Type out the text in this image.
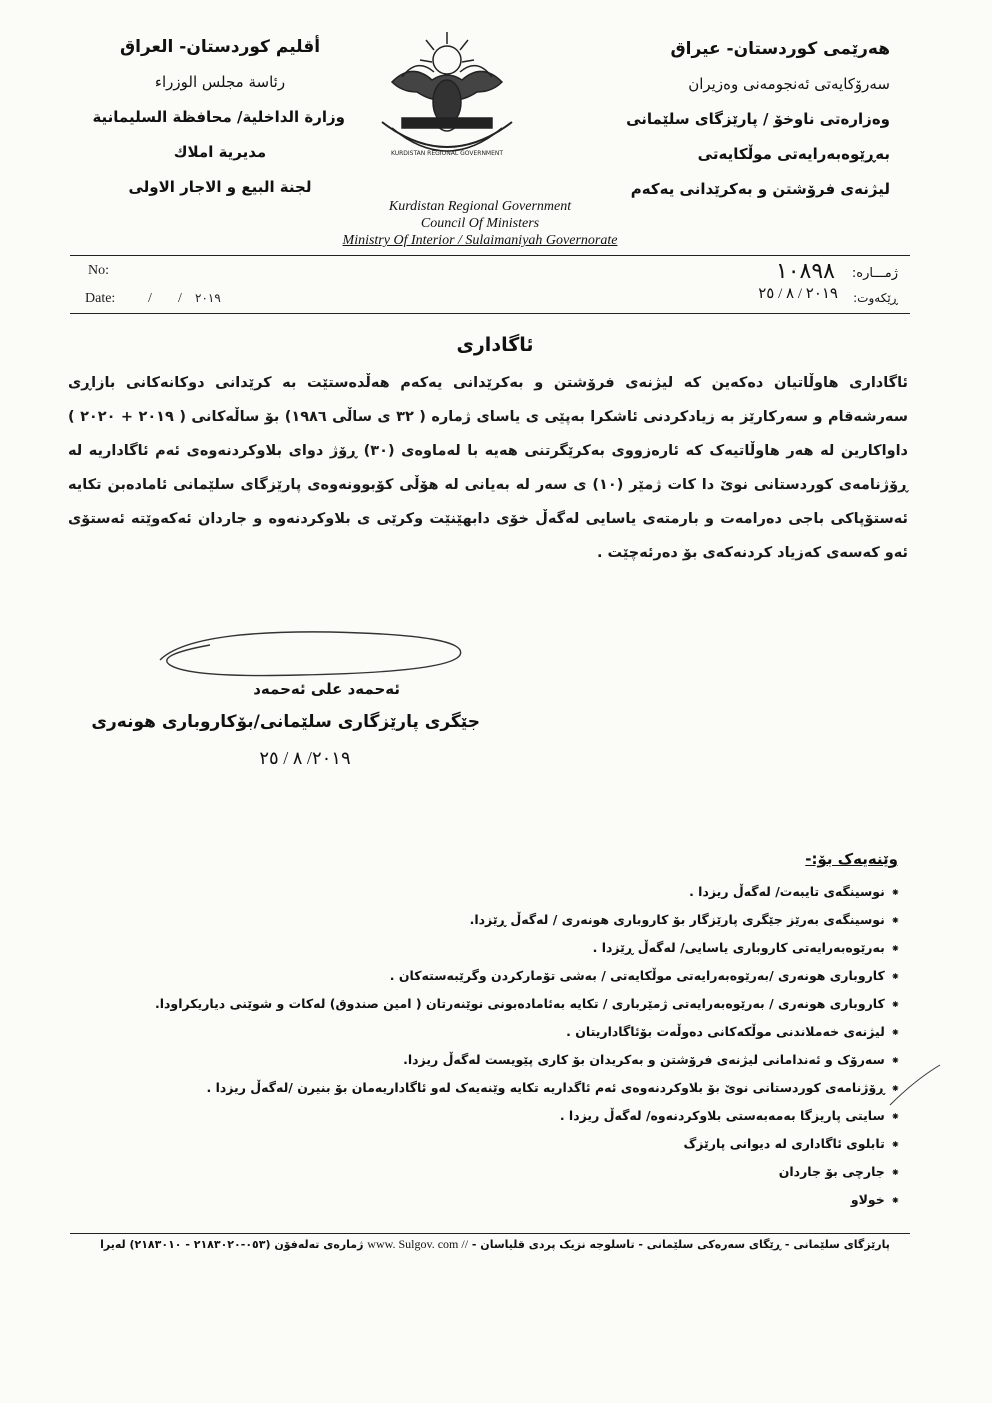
أقليم كوردستان- العراق
رئاسة مجلس الوزراء
وزارة الداخلية/ محافظة السليمانية
مديرية املاك
لجنة البيع و الاجار الاولى
KURDISTAN REGIONAL GOVERNMENT
هەرێمی کوردستان- عیراق
سەرۆکایەتی ئەنجومەنی وەزیران
وەزارەتی ناوخۆ / پارێزگای سلێمانی
بەڕێوەبەرایەتی موڵکایەتی
لیژنەی فرۆشتن و بەکرێدانی یەکەم
Kurdistan Regional Government
Council Of Ministers
Ministry Of Interior / Sulaimaniyah Governorate
No:
Date: / / ٢٠١٩
ژمـــارە:
١٠٨٩٨
ڕێکەوت:
٢٠١٩ / ٨ / ٢٥
ئاگاداری
ئاگاداری هاوڵاتیان دەکەین کە لیژنەی فرۆشتن و بەکرێدانی یەکەم هەڵدەستێت بە کرێدانی دوکانەکانی بازاڕی سەرشەقام و سەرکارێز بە زیادکردنی ئاشکرا بەپێی ی یاسای ژمارە ( ٣٢ ی ساڵی ١٩٨٦) بۆ ساڵەکانی ( ٢٠١٩ + ٢٠٢٠ ) داواکارین لە هەر هاوڵاتیەک کە ئارەزووی بەکرێگرتنی هەیە با لەماوەی (٣٠) ڕۆژ دوای بلاوکردنەوەی ئەم ئاگاداریە لە ڕۆژنامەی کوردستانی نوێ دا کات ژمێر (١٠) ی سەر لە بەیانی لە هۆڵی کۆبوونەوەی پارێزگای سلێمانی ئامادەبن تکایە ئەستۆپاکی باجی دەرامەت و بارمتەی یاسایی لەگەڵ خۆی دابهێنێت وکرێی ی بلاوکردنەوە و جاردان ئەکەوێتە ئەستۆی ئەو کەسەی کەزیاد کردنەکەی بۆ دەرئەچێت .
ئەحمەد علی ئەحمەد
جێگری پارێزگاری سلێمانی/بۆکاروباری هونەری
٢٠١٩/ ٨ / ٢٥
وێنەیەک بۆ:-
⁕نوسینگەی تایبەت/ لەگەڵ ریزدا .
⁕نوسینگەی بەرێز جێگری پارێزگار بۆ کاروباری هونەری / لەگەڵ ڕێزدا.
⁕بەرێوەبەرایەتی کاروباری یاسایی/ لەگەڵ ڕێزدا .
⁕کاروباری هونەری /بەرێوەبەرایەتی موڵکایەتی / بەشی تۆمارکردن وگرێبەستەکان .
⁕کاروباری هونەری / بەرێوەبەرایەتی ژمێرباری / تکایە بەئامادەبونی نوێنەرتان ( امین صندوق) لەکات و شوێنی دیاریکراودا.
⁕لیژنەی خەملاندنی موڵکەکانی دەوڵەت بۆئاگاداریتان .
⁕سەرۆک و ئەندامانی لیژنەی فرۆشتن و بەکریدان بۆ کاری پێویست لەگەڵ ریزدا.
⁕ڕۆژنامەی کوردستانی نوێ بۆ بلاوکردنەوەی ئەم ئاگداریە تکایە وێنەیەک لەو ئاگاداریەمان بۆ بنیرن /لەگەڵ ریزدا .
⁕سایتی پاریزگا بەمەبەستی بلاوکردنەوە/ لەگەڵ ریزدا .
⁕تابلوی ئاگاداری لە دیوانی پارێزگ
⁕جارچی بۆ جاردان
⁕خولاو
ژمارەی تەلەفۆن (٠٥٣-٢١٨٣٠٢٠ - ٢١٨٣٠١٠) لەیرا www. Sulgov. com // پارێزگای سلێمانی - ڕێگای سەرەکی سلێمانی - تاسلوجە نزیک پردی قلیاسان -
